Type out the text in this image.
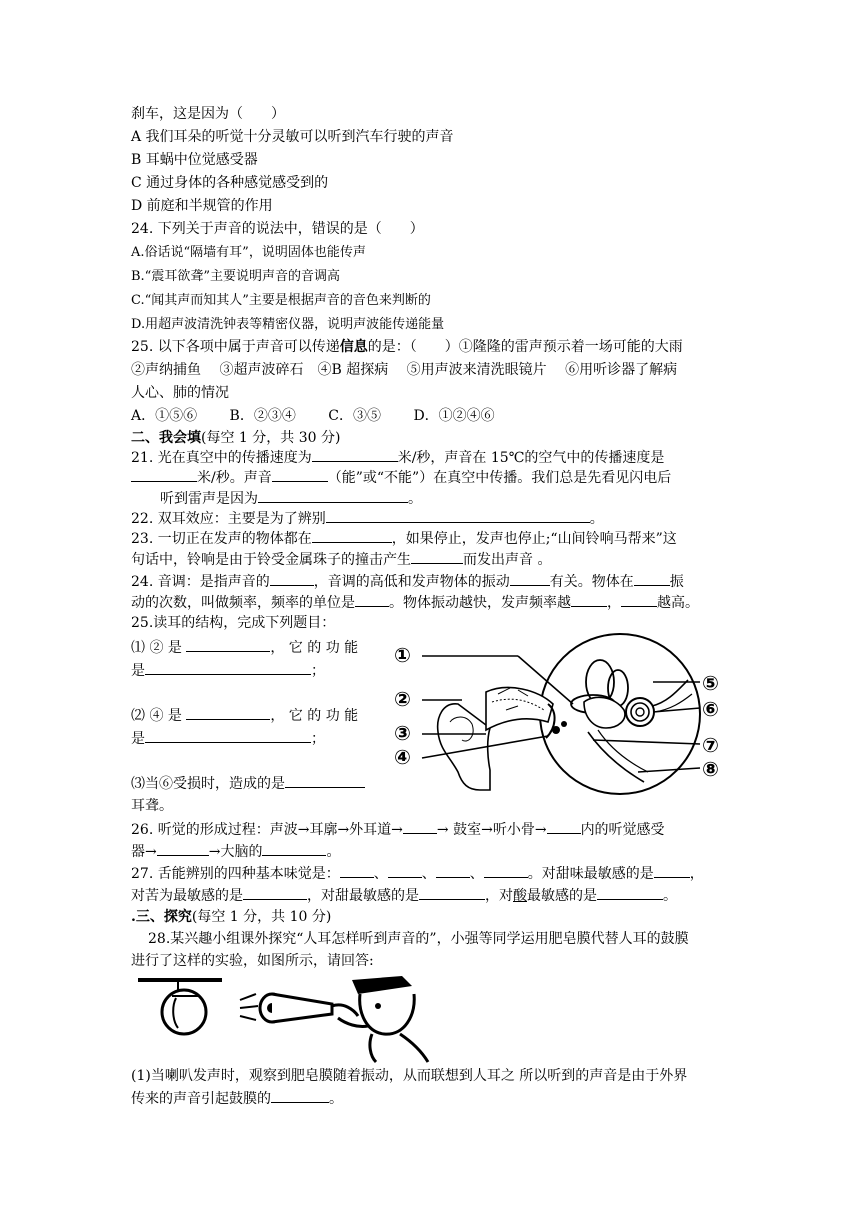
刹车，这是因为（　　）
A 我们耳朵的听觉十分灵敏可以听到汽车行驶的声音
B 耳蜗中位觉感受器
C 通过身体的各种感觉感受到的
D 前庭和半规管的作用
24. 下列关于声音的说法中，错误的是（　　）
A.俗话说“隔墙有耳”，说明固体也能传声
B.“震耳欲聋”主要说明声音的音调高
C.“闻其声而知其人”主要是根据声音的音色来判断的
D.用超声波清洗钟表等精密仪器，说明声波能传递能量
25. 以下各项中属于声音可以传递信息的是：（　　）①隆隆的雷声预示着一场可能的大雨
②声纳捕鱼　 ③超声波碎石　④B 超探病　 ⑤用声波来清洗眼镜片　 ⑥用听诊器了解病
人心、肺的情况
A．①⑤⑥　　 B．②③④　　 C．③⑤　　 D．①②④⑥
二、我会填(每空 1 分，共 30 分)
21. 光在真空中的传播速度为	米/秒，声音在 15℃的空气中的传播速度是
米/秒。声音	（能”或“不能”）在真空中传播。我们总是先看见闪电后
听到雷声是因为	。
22. 双耳效应：主要是为了辨别	。
23. 一切正在发声的物体都在	，如果停止，发声也停止;“山间铃响马帮来”这
句话中，铃响是由于铃受金属珠子的撞击产生	而发出声音 。
24. 音调：是指声音的	，音调的高低和发声物体的振动	有关。物体在	振
动的次数，叫做频率，频率的单位是 。物体振动越快，发声频率越	，	越高。
25.读耳的结构，完成下列题目：
⑴ ② 是	， 它 的 功 能
是	；
⑵ ④ 是	， 它 的 功 能
是	；
⑶当⑥受损时，造成的是
耳聋。
①
②
③
④
⑤
⑥
⑦
⑧
26. 听觉的形成过程：声波→耳廓→外耳道→ → 鼓室→听小骨→ 内的听觉感受
器→	→大脑的	。
27. 舌能辨别的四种基本味觉是： 、 、 、	。对甜味最敏感的是	，
对苦为最敏感的是	，对甜最敏感的是	，对酸最敏感的是	。
.三、探究(每空 1 分，共 10 分)
28.某兴趣小组课外探究“人耳怎样听到声音的”，小强等同学运用肥皂膜代替人耳的鼓膜
进行了这样的实验，如图所示，请回答:
(1)当喇叭发声时，观察到肥皂膜随着振动，从而联想到人耳之 所以听到的声音是由于外界
传来的声音引起鼓膜的	。
